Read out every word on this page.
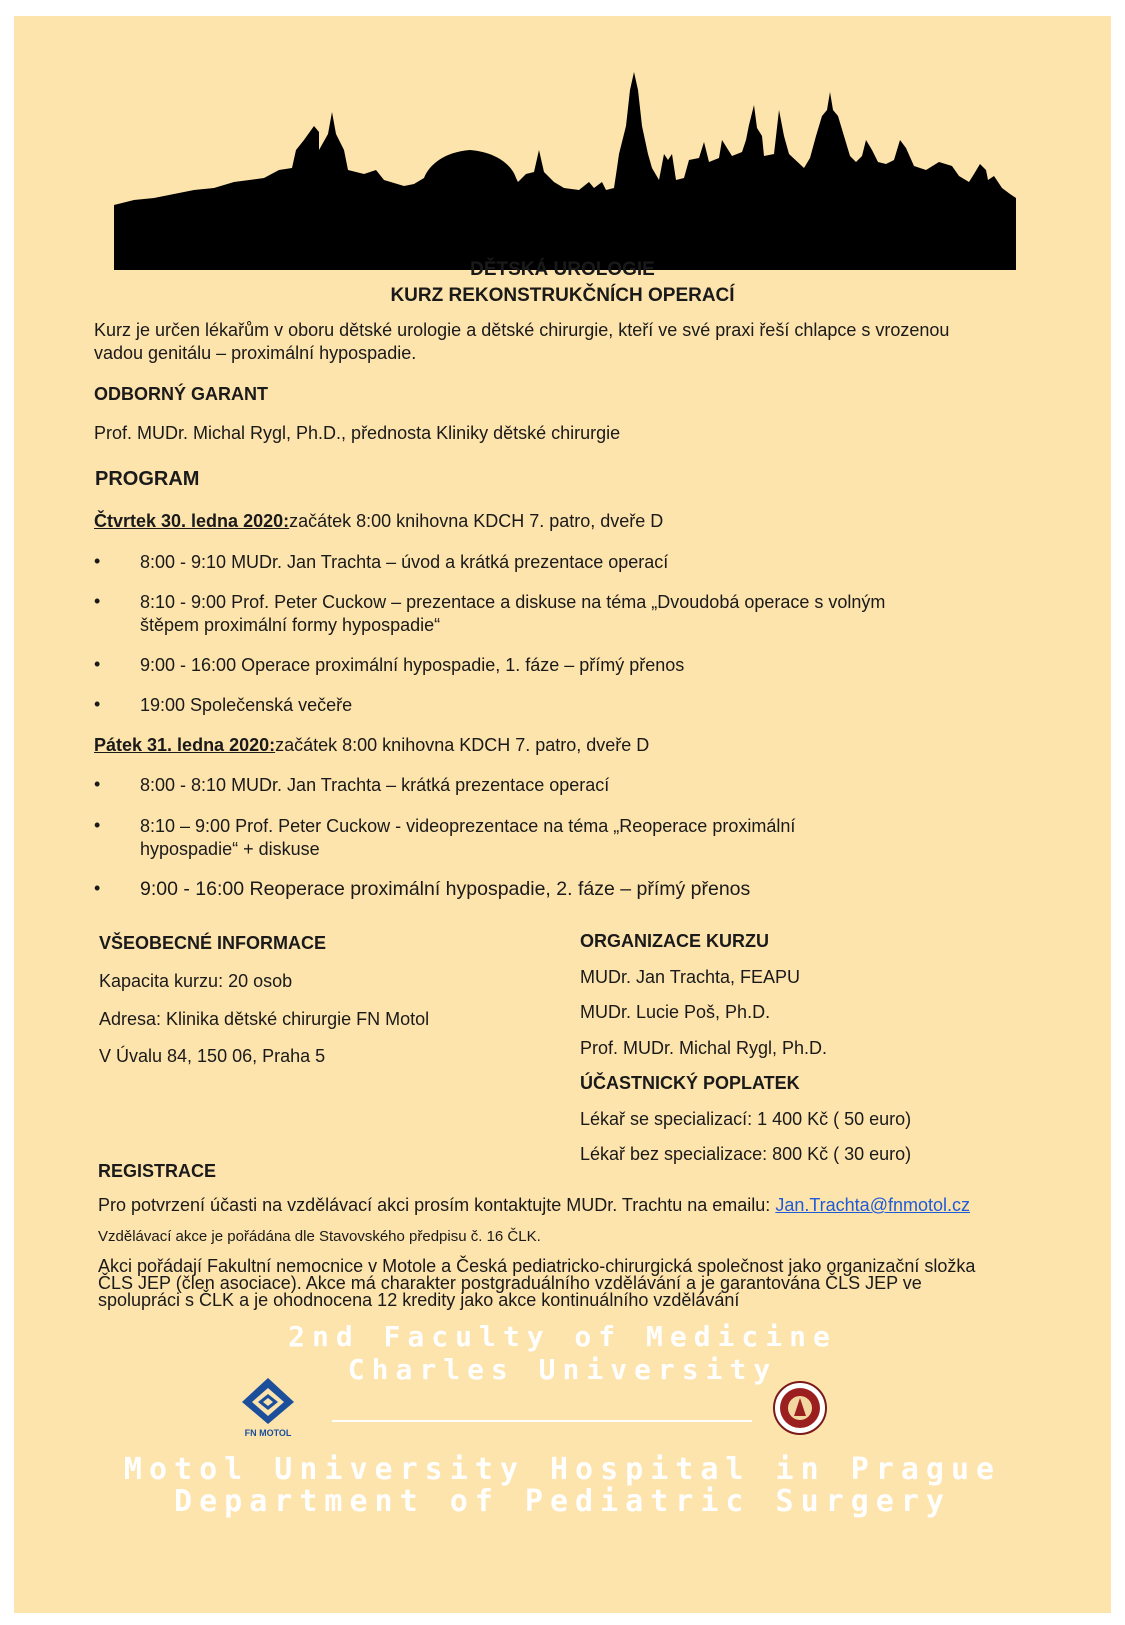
DĚTSKÁ UROLOGIE
KURZ REKONSTRUKČNÍCH OPERACÍ
Kurz je určen lékařům v oboru dětské urologie a dětské chirurgie, kteří ve své praxi řeší chlapce s vrozenou
vadou genitálu – proximální hypospadie.
ODBORNÝ GARANT
Prof. MUDr. Michal Rygl, Ph.D., přednosta Kliniky dětské chirurgie
PROGRAM
Čtvrtek 30. ledna 2020:začátek 8:00 knihovna KDCH 7. patro, dveře D
• 8:00 - 9:10 MUDr. Jan Trachta – úvod a krátká prezentace operací
• 8:10 - 9:00 Prof. Peter Cuckow – prezentace a diskuse na téma „Dvoudobá operace s volným
štěpem proximální formy hypospadie“
• 9:00 - 16:00 Operace proximální hypospadie, 1. fáze – přímý přenos
• 19:00 Společenská večeře
Pátek 31. ledna 2020:začátek 8:00 knihovna KDCH 7. patro, dveře D
• 8:00 - 8:10 MUDr. Jan Trachta – krátká prezentace operací
• 8:10 – 9:00 Prof. Peter Cuckow - videoprezentace na téma „Reoperace proximální
hypospadie“ + diskuse
• 9:00 - 16:00 Reoperace proximální hypospadie, 2. fáze – přímý přenos
VŠEOBECNÉ INFORMACE
Kapacita kurzu: 20 osob
Adresa: Klinika dětské chirurgie FN Motol
V Úvalu 84, 150 06, Praha 5
ORGANIZACE KURZU
MUDr. Jan Trachta, FEAPU
MUDr. Lucie Poš, Ph.D.
Prof. MUDr. Michal Rygl, Ph.D.
ÚČASTNICKÝ POPLATEK
Lékař se specializací: 1 400 Kč ( 50 euro)
Lékař bez specializace: 800 Kč ( 30 euro)
REGISTRACE
Pro potvrzení účasti na vzdělávací akci prosím kontaktujte MUDr. Trachtu na emailu: Jan.Trachta@fnmotol.cz
Vzdělávací akce je pořádána dle Stavovského předpisu č. 16 ČLK.
Akci pořádají Fakultní nemocnice v Motole a Česká pediatricko-chirurgická společnost jako organizační složka
ČLS JEP (člen asociace). Akce má charakter postgraduálního vzdělávání a je garantována ČLS JEP ve
spolupráci s ČLK a je ohodnocena 12 kredity jako akce kontinuálního vzdělávání
2nd Faculty of Medicine
Charles University
FN MOTOL
Motol University Hospital in Prague
Department of Pediatric Surgery
